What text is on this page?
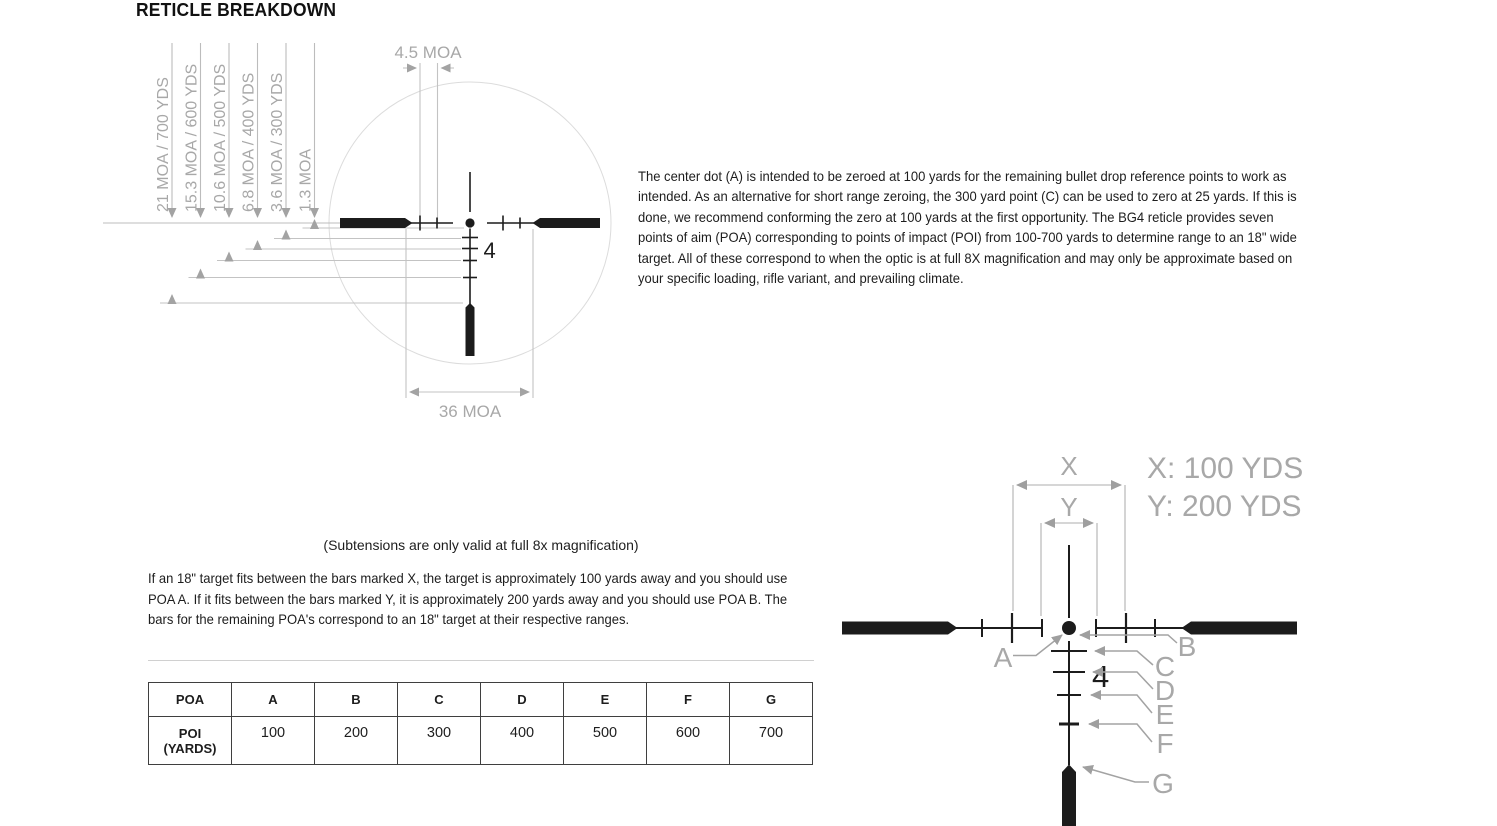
RETICLE BREAKDOWN
21 MOA / 700 YDS 15.3 MOA / 600 YDS 10.6 MOA / 500 YDS 6.8 MOA / 400 YDS 3.6 MOA / 300 YDS 1.3 MOA
4.5 MOA
36 MOA
4
The center dot (A) is intended to be zeroed at 100 yards for the remaining bullet drop reference points to work as intended. As an alternative for short range zeroing, the 300 yard point (C) can be used to zero at 25 yards. If this is done, we recommend conforming the zero at 100 yards at the first opportunity. The BG4 reticle provides seven points of aim (POA) corresponding to points of impact (POI) from 100-700 yards to determine range to an 18" wide target. All of these correspond to when the optic is at full 8X magnification and may only be approximate based on your specific loading, rifle variant, and prevailing climate.
(Subtensions are only valid at full 8x magnification)
If an 18" target fits between the bars marked X, the target is approximately 100 yards away and you should use POA A. If it fits between the bars marked Y, it is approximately 200 yards away and you should use POA B. The bars for the remaining POA's correspond to an 18" target at their respective ranges.
POA	A	B	C	D	E	F	G

POI
(YARDS)	100	200	300	400	500	600	700
X
Y
X: 100 YDS
Y: 200 YDS
4
A	B
C
D
E
F
G
